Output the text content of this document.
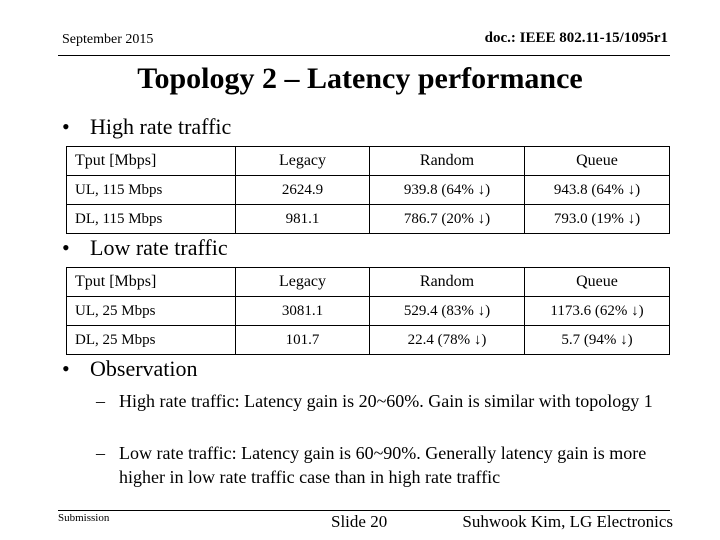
September 2015	doc.: IEEE 802.11-15/1095r1
Topology 2 – Latency performance
• High rate traffic
Tput [Mbps]	Legacy	Random	Queue
UL, 115 Mbps	2624.9	939.8 (64% ↓)	943.8 (64% ↓)
DL, 115 Mbps	981.1	786.7 (20% ↓)	793.0 (19% ↓)
• Low rate traffic
Tput [Mbps]	Legacy	Random	Queue
UL, 25 Mbps	3081.1	529.4 (83% ↓)	1173.6 (62% ↓)
DL, 25 Mbps	101.7	22.4 (78% ↓)	5.7 (94% ↓)
• Observation
– High rate traffic: Latency gain is 20~60%. Gain is similar with topology 1
– Low rate traffic: Latency gain is 60~90%. Generally latency gain is more higher in low rate traffic case than in high rate traffic
Submission	Slide 20	Suhwook Kim, LG Electronics
